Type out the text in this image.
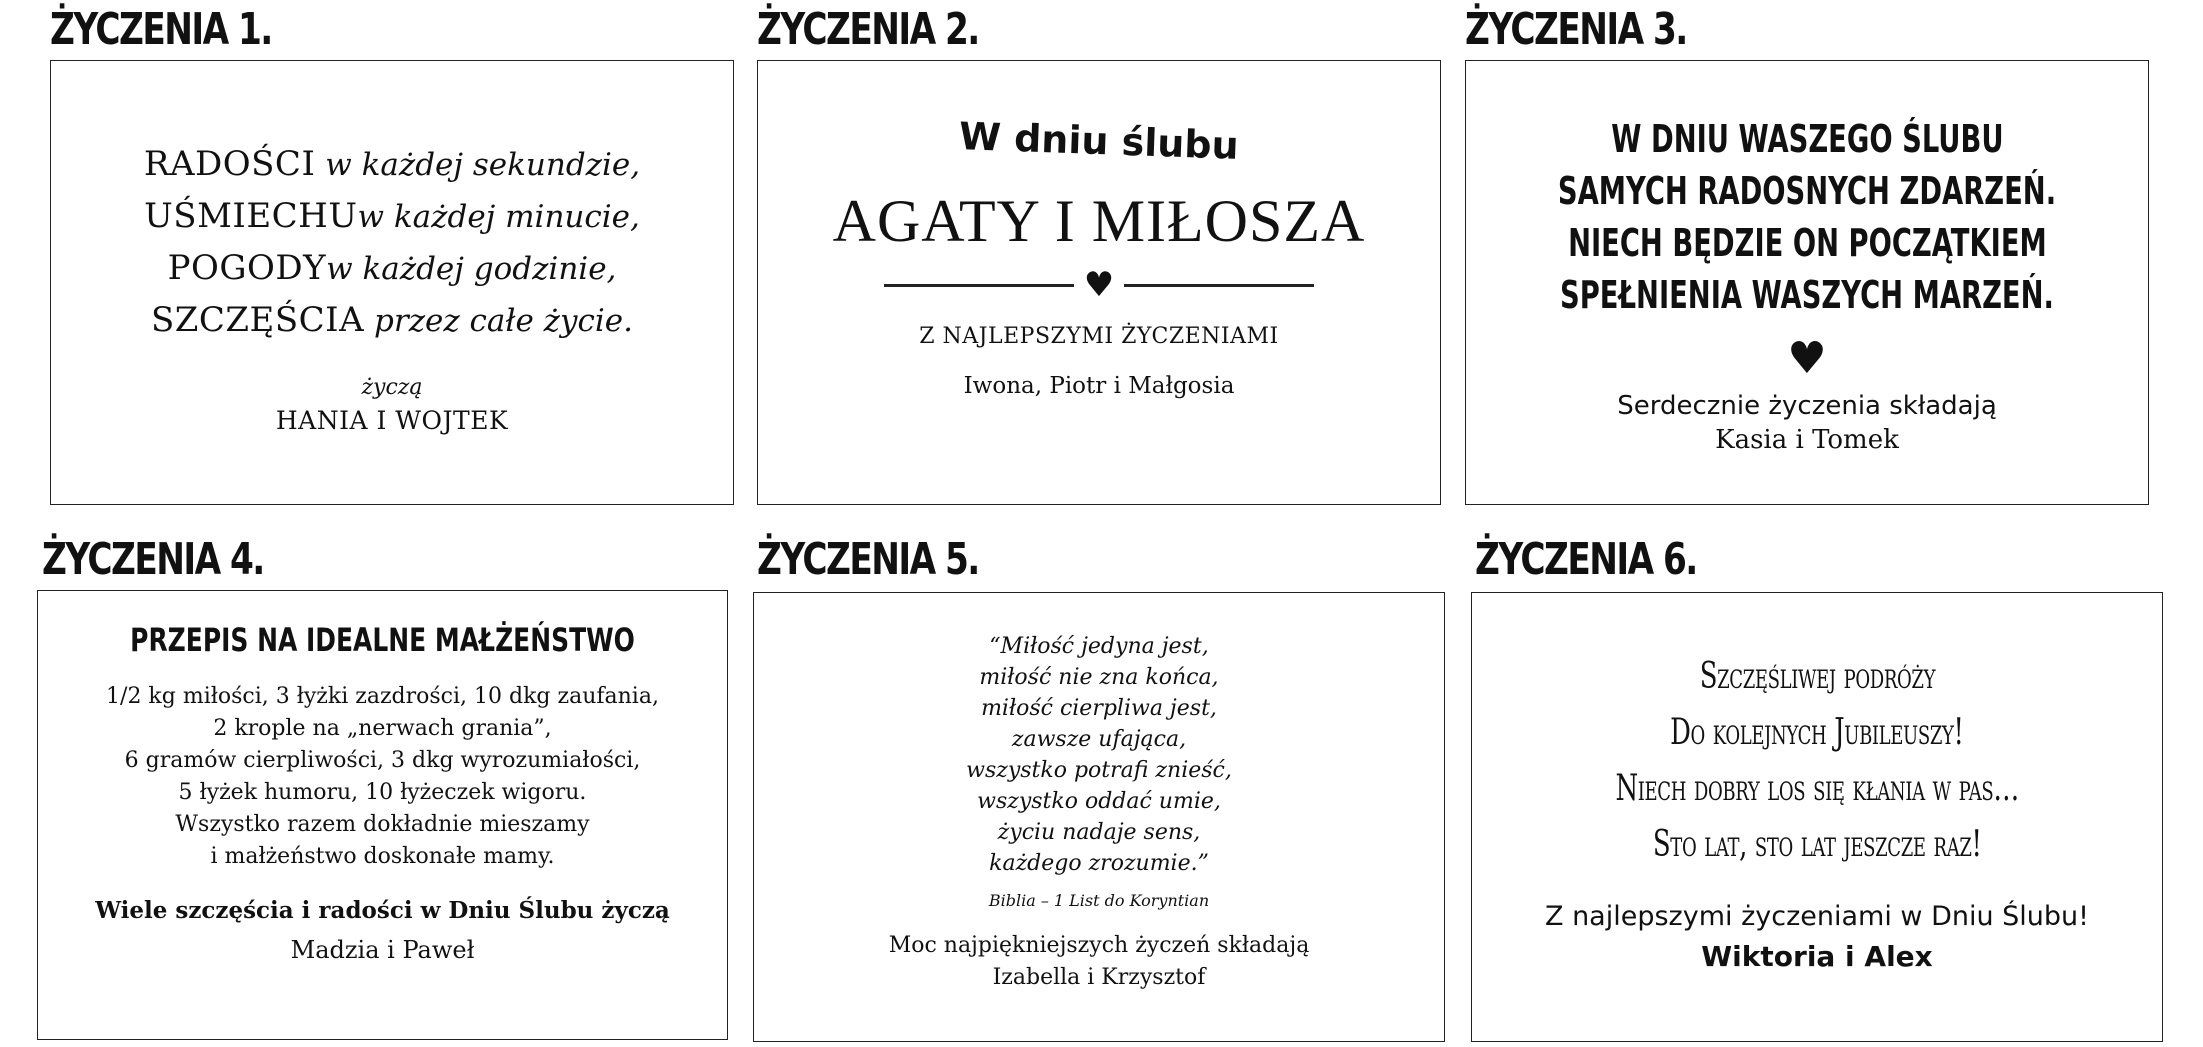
ŻYCZENIA 1.	ŻYCZENIA 2.	ŻYCZENIA 3.
ŻYCZENIA 4.	ŻYCZENIA 5.	ŻYCZENIA 6.
RADOŚCI w każdej sekundzie,
UŚMIECHUw każdej minucie,
POGODYw każdej godzinie,
SZCZĘŚCIA przez całe życie.
życzą
HANIA I WOJTEK
W dniu ślubu
AGATY I MIŁOSZA
♥
Z NAJLEPSZYMI ŻYCZENIAMI
Iwona, Piotr i Małgosia
W DNIU WASZEGO ŚLUBU
SAMYCH RADOSNYCH ZDARZEŃ.
NIECH BĘDZIE ON POCZĄTKIEM
SPEŁNIENIA WASZYCH MARZEŃ.
♥
Serdecznie życzenia składają
Kasia i Tomek
PRZEPIS NA IDEALNE MAŁŻEŃSTWO
1/2 kg miłości, 3 łyżki zazdrości, 10 dkg zaufania,
2 krople na „nerwach grania”,
6 gramów cierpliwości, 3 dkg wyrozumiałości,
5 łyżek humoru, 10 łyżeczek wigoru.
Wszystko razem dokładnie mieszamy
i małżeństwo doskonałe mamy.
Wiele szczęścia i radości w Dniu Ślubu życzą
Madzia i Paweł
“Miłość jedyna jest,
miłość nie zna końca,
miłość cierpliwa jest,
zawsze ufająca,
wszystko potrafi znieść,
wszystko oddać umie,
życiu nadaje sens,
każdego zrozumie.”
Biblia – 1 List do Koryntian
Moc najpiękniejszych życzeń składają
Izabella i Krzysztof
Szczęśliwej podróży
Do kolejnych Jubileuszy!
Niech dobry los się kłania w pas…
Sto lat, sto lat jeszcze raz!
Z najlepszymi życzeniami w Dniu Ślubu!
Wiktoria i Alex
